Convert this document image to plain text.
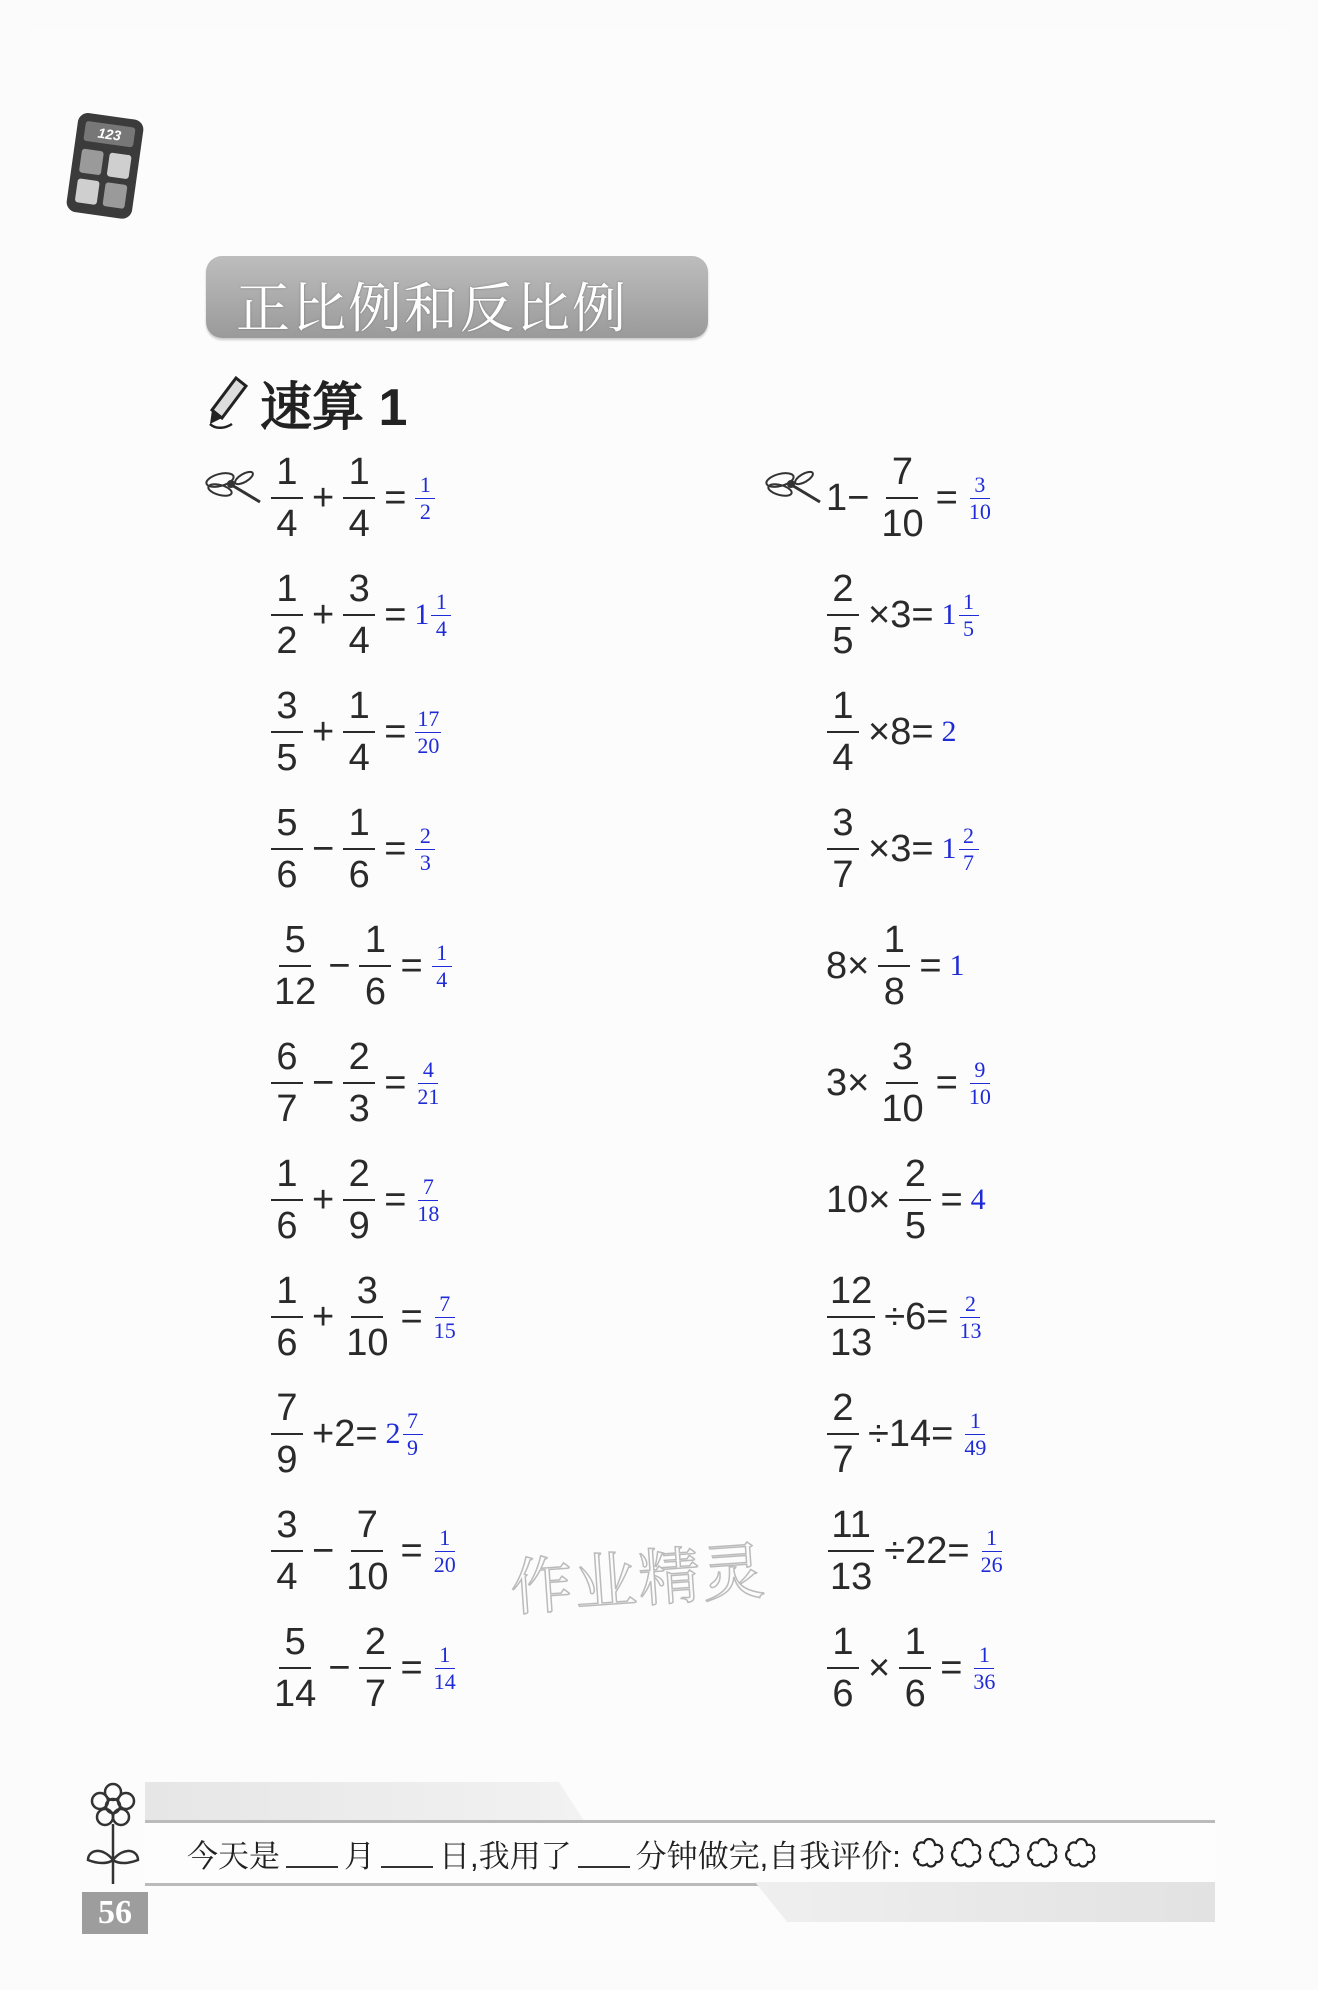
123
正比例和反比例
速算 1
$\frac{1}{4} + \frac{1}{4} = \frac{1}{2}$
$\frac{1}{2} + \frac{3}{4} = 1 \frac{1}{4}$
$\frac{3}{5} + \frac{1}{4} = \frac{17}{20}$
$\frac{5}{6} - \frac{1}{6} = \frac{2}{3}$
$\frac{5}{12} - \frac{1}{6} = \frac{1}{4}$
$\frac{6}{7} - \frac{2}{3} = \frac{4}{21}$
$\frac{1}{6} + \frac{2}{9} = \frac{7}{18}$
$\frac{1}{6} + \frac{3}{10} = \frac{7}{15}$
$\frac{7}{9} +2= 2 \frac{7}{9}$
$\frac{3}{4} - \frac{7}{10} = \frac{1}{20}$
$\frac{5}{14} - \frac{2}{7} = \frac{1}{14}$
$1- \frac{7}{10} = \frac{3}{10}$
$\frac{2}{5} \times 3= 1 \frac{1}{5}$
$\frac{1}{4} \times 8= 2$
$\frac{3}{7} \times 3= 1 \frac{2}{7}$
$8\times \frac{1}{8} = 1$
$3\times \frac{3}{10} = \frac{9}{10}$
$10\times \frac{2}{5} = 4$
$\frac{12}{13} \div 6= \frac{2}{13}$
$\frac{2}{7} \div 14= \frac{1}{49}$
$\frac{11}{13} \div 22= \frac{1}{26}$
$\frac{1}{6} \times \frac{1}{6} = \frac{1}{36}$
作业精灵
今天是 月 日,我用了 分钟做完,自我评价:
56
